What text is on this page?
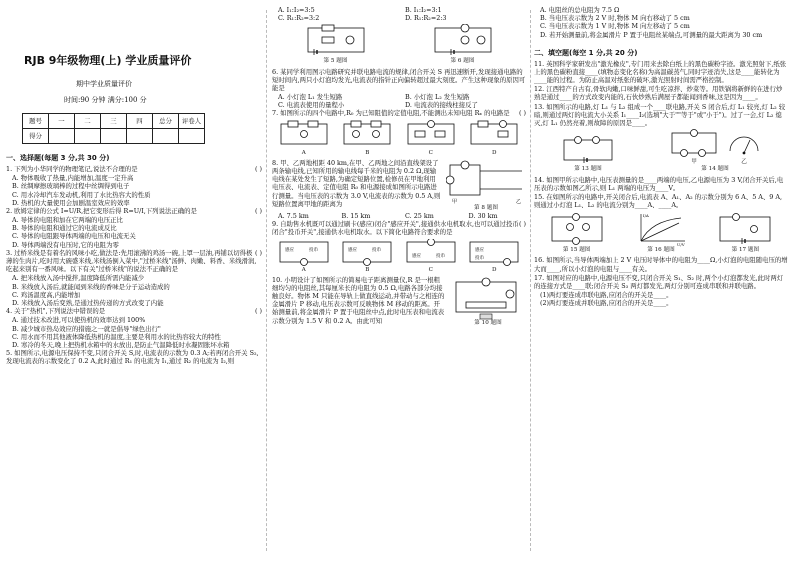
RJB 9年级物理(上) 学业质量评价
期中学业质量评价
时间:90 分钟 满分:100 分
题号	一	二	三	四	总分	评卷人
得分						
一、选择题(每题 3 分,共 30 分)
( )
1. 下列为小华同学的物理笔记,说法不合理的是
A. 物体吸收了热量,内能增加,温度一定升高
B. 丝绸摩擦玻璃棒的过程中丝绸得到电子
C. 用水冷却汽车发动机,利用了水比热容大的性质
D. 热机的大量使用会加剧温室效应的效率
( )
2. 欧姆定律的公式 I=U/R,把它变形后得 R=U/I,下列说法正确的是
A. 导体的电阻和加在它两端的电压正比
B. 导体的电阻和通过它的电流成反比
C. 导体的电阻跟导体两端的电压和电流无关
D. 导体两端没有电压时,它的电阻为零
( )
3. 过桥米线是有着名的风味小吃,做法是:先用滚沸的鸡汤一碗,上罩一层油,再铺以切得极薄的生肉片,吃时用大碗盛米线,米线汤倒入菜中,"过桥米线"汤鲜、肉嫩、料香、米线滑润,吃起来别有一番风味。以下有关"过桥米线"的说法不正确的是
A. 把米线放入汤中搅拌,温度降低所需内能减少
B. 米线放入汤后,就能闻到米线的香味是分子运动造成的
C. 鸡汤温度高,内能增加
D. 米线放入汤后变熟,是通过热传递的方式改变了内能
( )
4. 关于"热机",下列说法中错误的是
A. 通过技术改进,可以使热机的效率达到 100%
B. 减少城市热岛效应的措施之一就是倡导"绿色出行"
C. 用水而不用其他液体降低热机的温度,主要是利用水的比热容较大的特性
D. 寒冷的冬天,晚上把热机水箱中的水放出,是防止气温降低时水凝固胀坏水箱
5. 如图所示,电源电压保持不变,只闭合开关 S,时,电流表的示数为 0.3 A;若再闭合开关 S₂,发现电流表的示数变化了 0.2 A,此时通过 R₁ 的电流为 I₁,通过 R₂ 的电流为 I₂,则
A. I₁:I₂=3:5	B. I₁:I₂=3:1
C. R₁:R₂=3:2	D. R₁:R₂=2:3
第 5 题图	第 6 题图
6. 某同学利用图示电路研究并联电路电流的规律,闭合开关 S 再迅速断开,发现接通电路的短时间内,两只小灯泡均发光,电流表的指针正向偏转超过最大刻度。产生这种现象的原因可能是
A. 小灯泡 L₁ 发生短路	B. 小灯泡 L₂ 发生短路
C. 电流表使用的量程小	D. 电流表的接线柱接反了
( )
7. 如图所示的四个电路中,R₀ 为已知阻值的定值电阻,不能测出未知电阻 Rₓ 的电路是
A	B	C	D
8. 甲、乙两地相距 40 km,在甲、乙两地之间沿直线架设了两条输电线,已知所用的输电线每千米的电阻为 0.2 Ω,现输电线在某处发生了短路,为确定短路位置,检修员在甲地利用电压表、电流表、定值电阻 R₀ 和电源接成如图所示电路进行测量。当电压表的示数为 3.0 V,电流表的示数为 0.5 A,则短路位置离甲地的距离为	甲	乙
第 8 题图
A. 7.5 km	B. 15 km	C. 25 km	D. 30 km
( )
9. 自助售水机既可以通过刷卡(感应)闭合"感应开关",接通供水电机取水,也可以通过投币闭合"投币开关",接通供水电机取水。以下简化电路符合要求的是
感应	投币
A
感应	投币
B
感应	投币
C
感应
投币
D
10. 小明设计了如图所示的简易电子距离测量仪,R 是一根粗细均匀的电阻丝,其每厘米长的电阻为 0.5 Ω,电路各部分均接触良好。物体 M 只能在导轨上做直线运动,并带动与之相连的金属滑片 P 移动,电压表示数可反映物体 M 移动的距离。开始测量前,将金属滑片 P 置于电阻丝中点,此时电压表和电流表示数分别为 1.5 V 和 0.2 A。由此可知	第 10 题图
A. 电阻丝的总电阻为 7.5 Ω
B. 当电压表示数为 2 V 时,物体 M 向右移动了 5 cm
C. 当电压表示数为 1 V 时,物体 M 向左移动了 5 cm
D. 若开始测量前,将金属滑片 P 置于电阻丝某端点,可测量的最大距离为 30 cm
二、填空题(每空 1 分,共 20 分)
11. 英国科学家研发出"激光橡皮",专门用来去除白纸上的黑色碳粉字迹。激光照射下,纸张上的黑色碳粉直接____(填物态变化名称)为高温碳蒸气,同时字迹消失,这是____能转化为____能的过程。为防止高温对纸张的破坏,激光照射时间需严格控制。
12. 江西特产自古有,骨软肉嫩,口味鲜甜,可生吃凉拌、炒菜等。用铁锅将新鲜的在进行炒熟是通过____的方式改变内能的,石伙炒熟后满屋子都能闻到香味,这是因为____。
13. 如图所示的电路,灯 L₁ 与 L₂ 组成一个____联电路,开关 S 闭合后,灯 L₁ 较亮,灯 L₂ 较暗,则通过两灯的电流大小关系 I₁____I₂(选填"大于""等于"或"小于")。过了一会,灯 L₂ 熄灭,灯 L₁ 仍然亮着,则故障的原因是____。
第 13 题图
甲	乙
第 14 题图
14. 如图甲所示电路中,电压表测量的是____两端的电压,乙电源电压为 3 V,闭合开关后,电压表的示数如图乙所示,则 L₁ 两端的电压为____V。
15. 在如图所示的电路中,开关闭合后,电流表 A、A₁、A₂ 的示数分别为 6 A、5 A、9 A,则通过小灯泡 L₁、L₂ 的电流分别为____A、____A。
第 15 题图
I/A
U/V
第 16 题图	第 17 题图
16. 如图所示,当导体两端加上 2 V 电压时导体中的电阻为____Ω,小灯泡的电阻随电压的增大而____,所以小灯泡的电阻与____有关。
17. 如图对应的电路中,电源电压不变,只闭合开关 S₁、S₂ 时,两个小灯泡都发光,此时两灯的连接方式是____联;闭合开关 S₃ 两灯都发光,两灯分别可连成串联和并联电路。
(1)两灯要连成串联电路,应闭合的开关是____。
(2)两灯要连成并联电路,应闭合的开关是____。
